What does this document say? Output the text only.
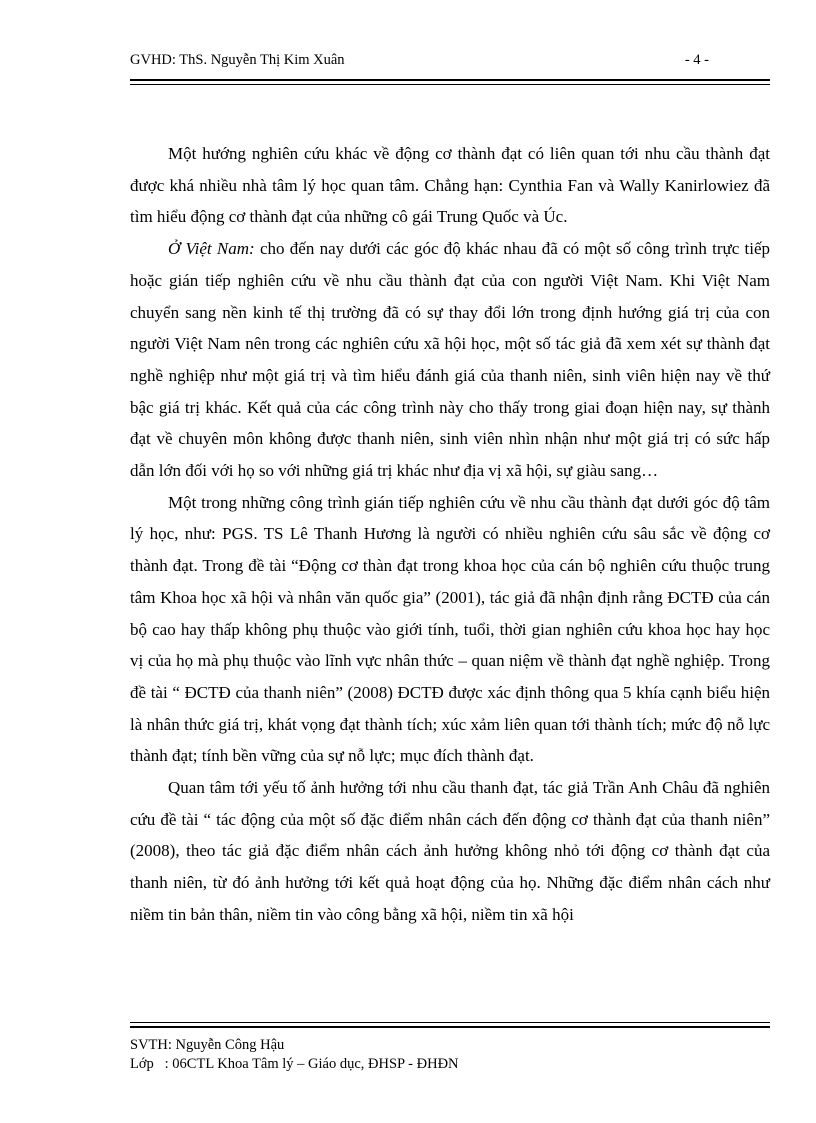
GVHD: ThS. Nguyễn Thị Kim Xuân	- 4 -

Một hướng nghiên cứu khác về động cơ thành đạt có liên quan tới nhu cầu thành đạt được khá nhiều nhà tâm lý học quan tâm. Chẳng hạn: Cynthia Fan và Wally Kanirlowiez đã tìm hiểu động cơ thành đạt của những cô gái Trung Quốc và Úc.

Ở Việt Nam: cho đến nay dưới các góc độ khác nhau đã có một số công trình trực tiếp hoặc gián tiếp nghiên cứu về nhu cầu thành đạt của con người Việt Nam. Khi Việt Nam chuyển sang nền kinh tế thị trường đã có sự thay đổi lớn trong định hướng giá trị của con người Việt Nam nên trong các nghiên cứu xã hội học, một số tác giả đã xem xét sự thành đạt nghề nghiệp như một giá trị và tìm hiểu đánh giá của thanh niên, sinh viên hiện nay về thứ bậc giá trị khác. Kết quả của các công trình này cho thấy trong giai đoạn hiện nay, sự thành đạt về chuyên môn không được thanh niên, sinh viên nhìn nhận như một giá trị có sức hấp dẫn lớn đối với họ so với những giá trị khác như địa vị xã hội, sự giàu sang…

Một trong những công trình gián tiếp nghiên cứu về nhu cầu thành đạt dưới góc độ tâm lý học, như: PGS. TS Lê Thanh Hương là người có nhiều nghiên cứu sâu sắc về động cơ thành đạt. Trong đề tài “Động cơ thàn đạt trong khoa học của cán bộ nghiên cứu thuộc trung tâm Khoa học xã hội và nhân văn quốc gia” (2001), tác giả đã nhận định rằng ĐCTĐ của cán bộ cao hay thấp không phụ thuộc vào giới tính, tuổi, thời gian nghiên cứu khoa học hay học vị của họ mà phụ thuộc vào lĩnh vực nhân thức – quan niệm về thành đạt nghề nghiệp. Trong đề tài “ ĐCTĐ của thanh niên” (2008) ĐCTĐ được xác định thông qua 5 khía cạnh biểu hiện là nhân thức giá trị, khát vọng đạt thành tích; xúc xảm liên quan tới thành tích; mức độ nỗ lực thành đạt; tính bền vững của sự nỗ lực; mục đích thành đạt.

Quan tâm tới yếu tố ảnh hưởng tới nhu cầu thanh đạt, tác giả Trần Anh Châu đã nghiên cứu đề tài “ tác động của một số đặc điểm nhân cách đến động cơ thành đạt của thanh niên” (2008), theo tác giả đặc điểm nhân cách ảnh hưởng không nhỏ tới động cơ thành đạt của thanh niên, từ đó ảnh hưởng tới kết quả hoạt động của họ. Những đặc điểm nhân cách như niềm tin bản thân, niềm tin vào công bằng xã hội, niềm tin xã hội

SVTH: Nguyễn Công Hậu
Lớp   : 06CTL Khoa Tâm lý – Giáo dục, ĐHSP - ĐHĐN
